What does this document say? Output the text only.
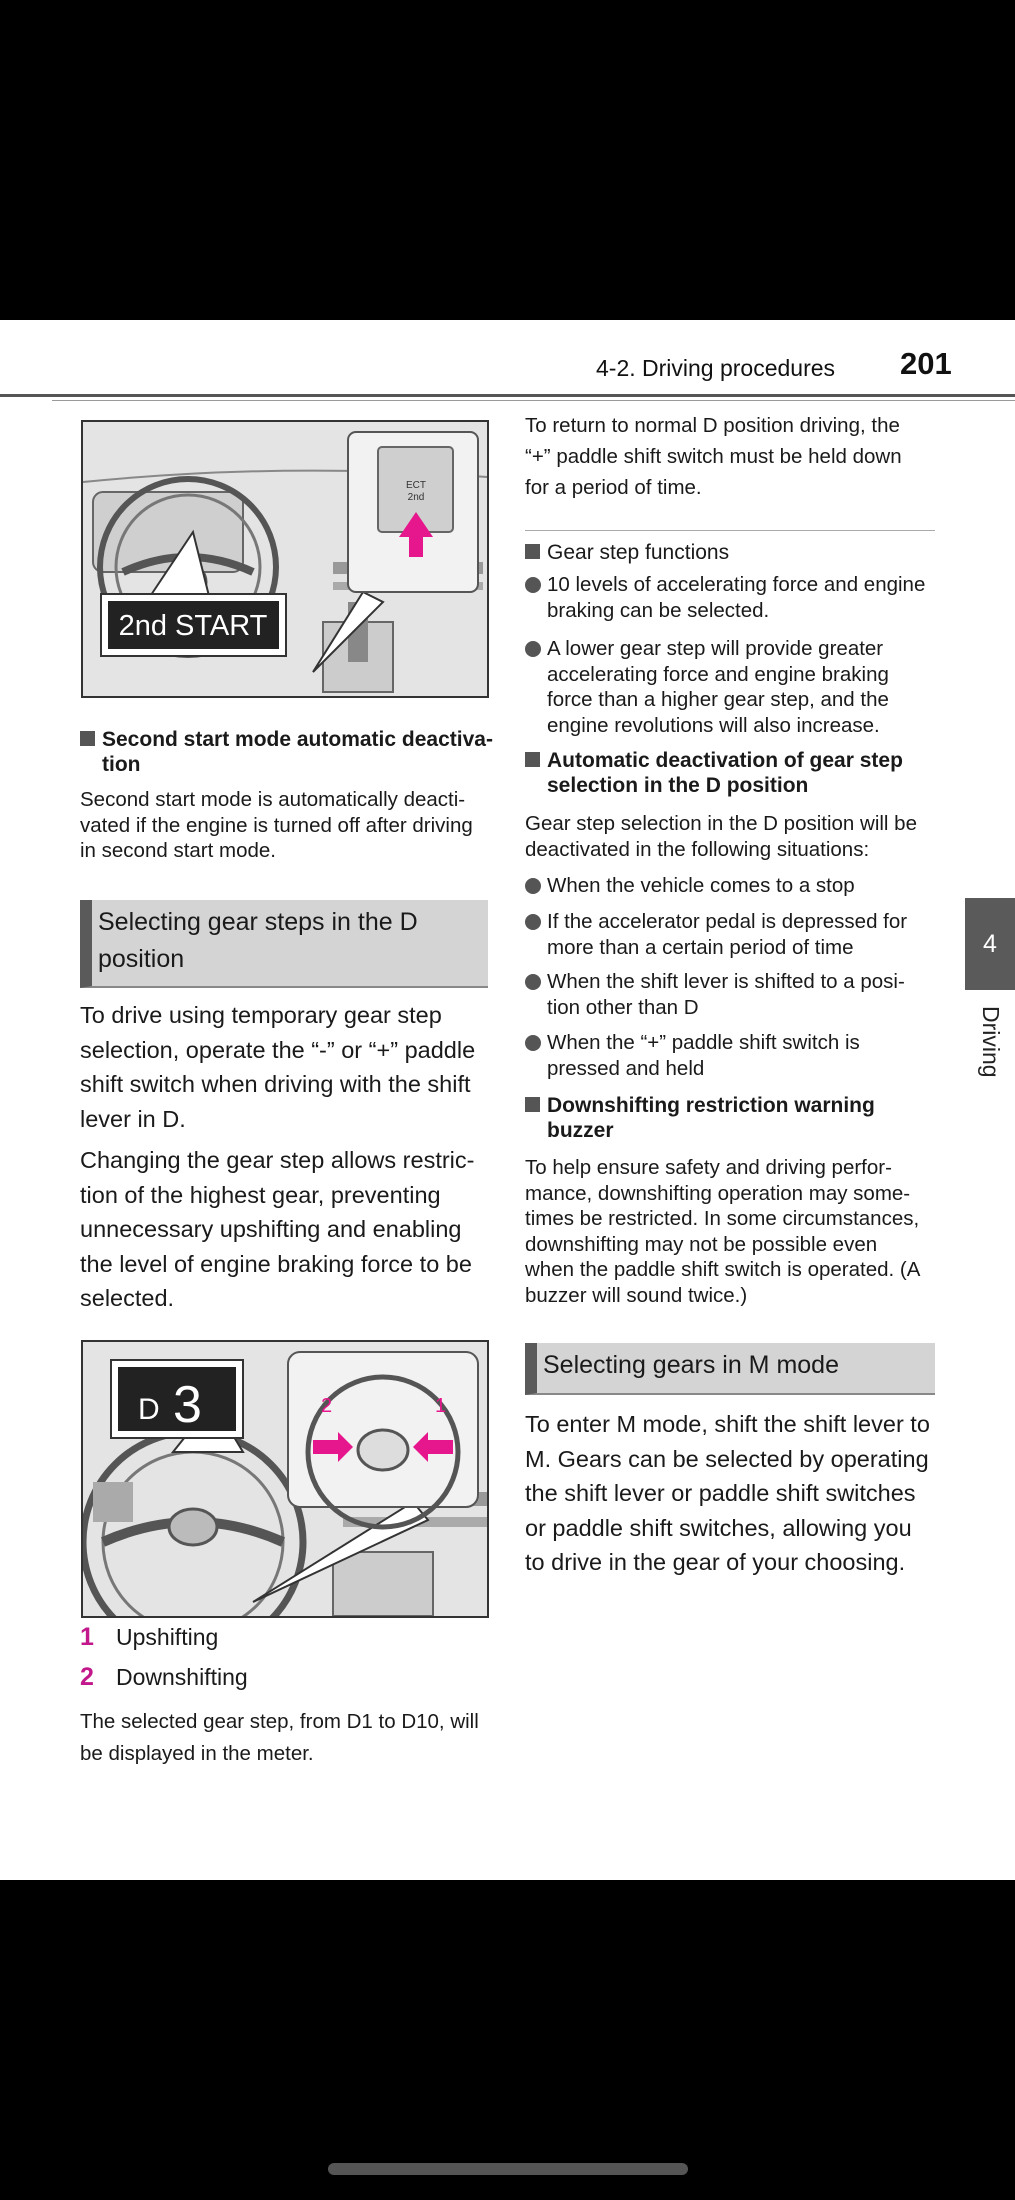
4-2. Driving procedures 201
ECT
2nd
2nd START
Second start mode automatic deactiva-
tion
Second start mode is automatically deacti-
vated if the engine is turned off after driving
in second start mode.
Selecting gear steps in the D
position
To drive using temporary gear step
selection, operate the “-” or “+” paddle
shift switch when driving with the shift
lever in D.
Changing the gear step allows restric-
tion of the highest gear, preventing
unnecessary upshifting and enabling
the level of engine braking force to be
selected.
2	1
D 3
1 Upshifting
2 Downshifting
The selected gear step, from D1 to D10, will
be displayed in the meter.
To return to normal D position driving, the
“+” paddle shift switch must be held down
for a period of time.
Gear step functions
10 levels of accelerating force and engine
braking can be selected.
A lower gear step will provide greater
accelerating force and engine braking
force than a higher gear step, and the
engine revolutions will also increase.
Automatic deactivation of gear step
selection in the D position
Gear step selection in the D position will be
deactivated in the following situations:
When the vehicle comes to a stop
If the accelerator pedal is depressed for
more than a certain period of time
When the shift lever is shifted to a posi-
tion other than D
When the “+” paddle shift switch is
pressed and held
Downshifting restriction warning
buzzer
To help ensure safety and driving perfor-
mance, downshifting operation may some-
times be restricted. In some circumstances,
downshifting may not be possible even
when the paddle shift switch is operated. (A
buzzer will sound twice.)
Selecting gears in M mode
To enter M mode, shift the shift lever to
M. Gears can be selected by operating
the shift lever or paddle shift switches
or paddle shift switches, allowing you
to drive in the gear of your choosing.
4
Driving
